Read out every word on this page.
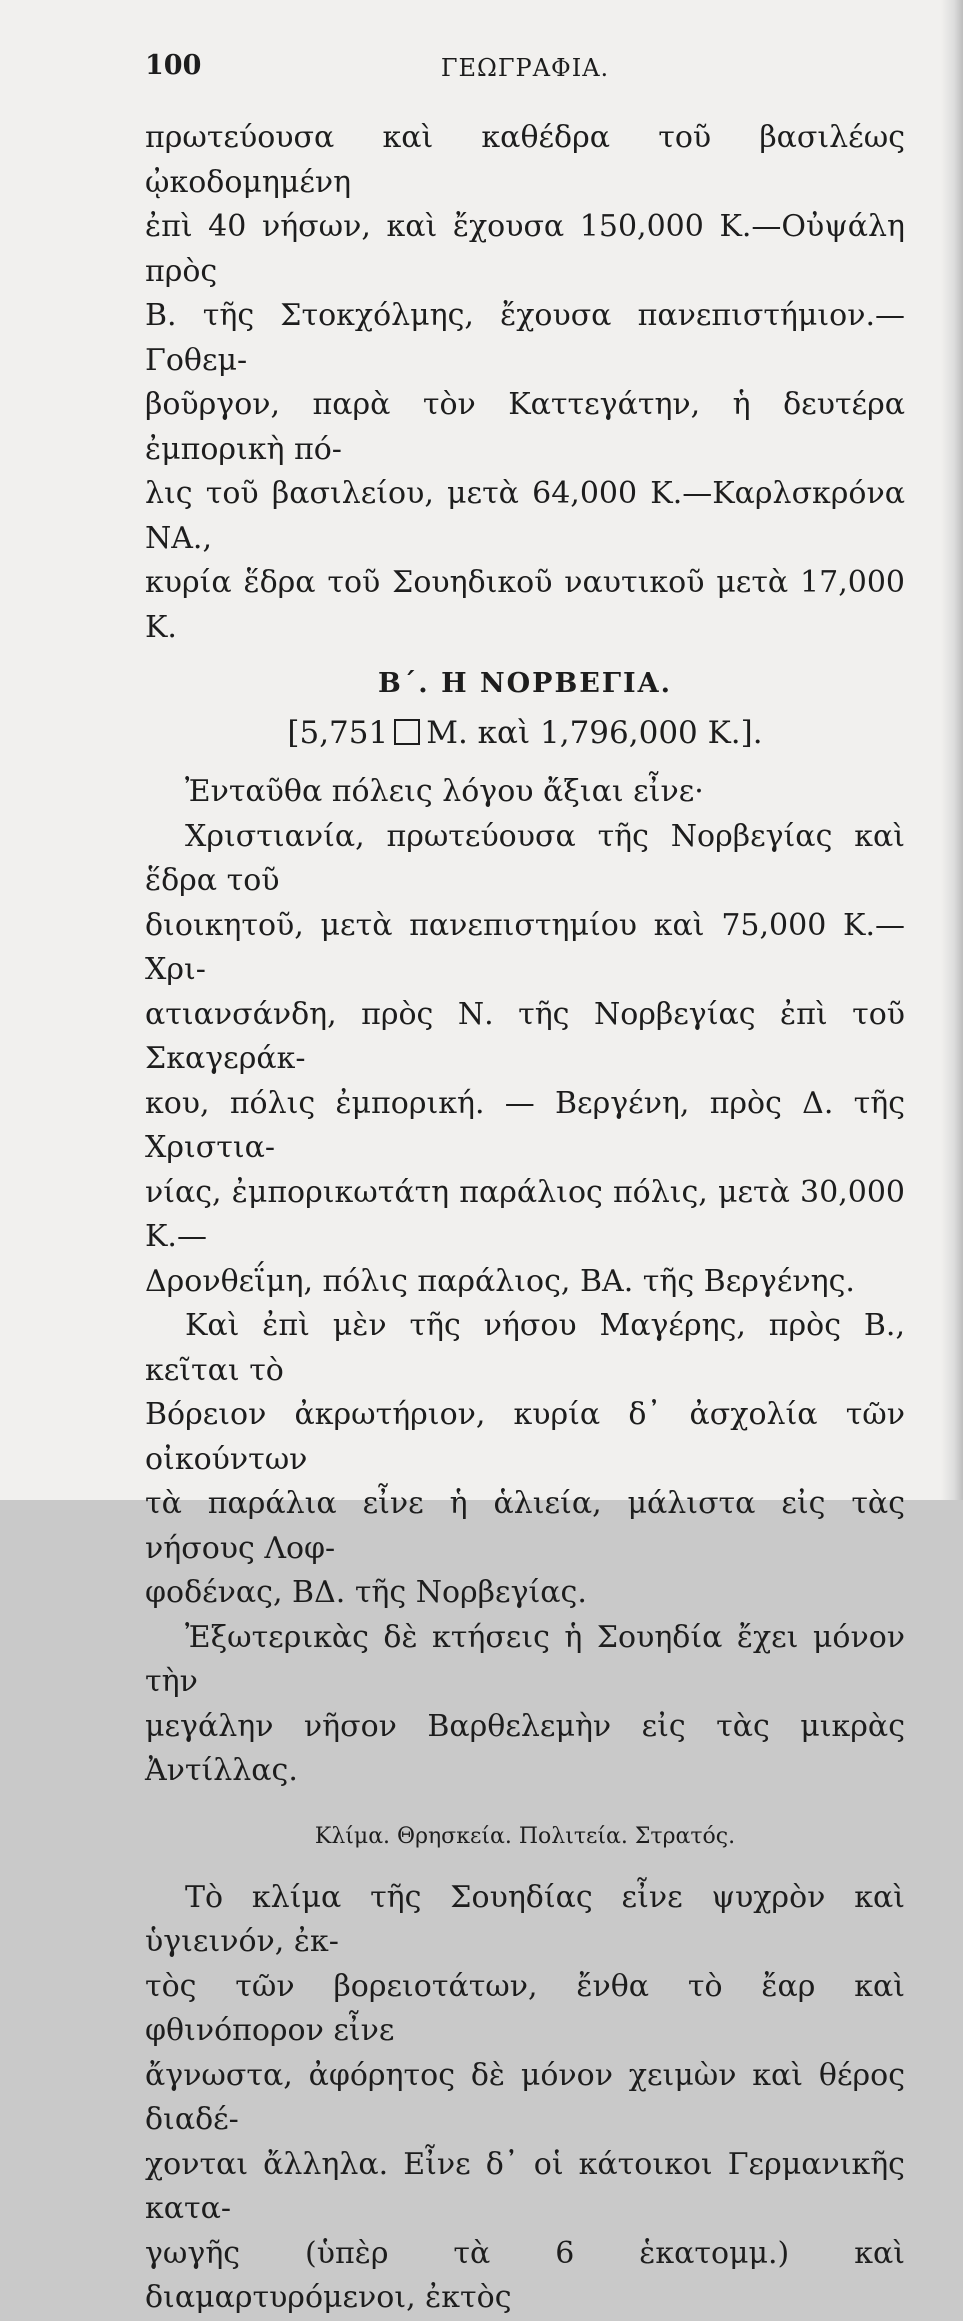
100	ΓΕΩΓΡΑΦΙΑ.
πρωτεύουσα καὶ καθέδρα τοῦ βασιλέως ᾠκοδομημένη
ἐπὶ 40 νήσων, καὶ ἔχουσα 150,000 Κ.—Οὐψάλη πρὸς
Β. τῆς Στοκχόλμης, ἔχουσα πανεπιστήμιον.— Γοθεμ-
βοῦργον, παρὰ τὸν Καττεγάτην, ἡ δευτέρα ἐμπορικὴ πό-
λις τοῦ βασιλείου, μετὰ 64,000 Κ.—Καρλσκρόνα ΝΑ.,
κυρία ἕδρα τοῦ Σουηδικοῦ ναυτικοῦ μετὰ 17,000 Κ.
Β΄. Η ΝΟΡΒΕΓΙΑ.
[5,751 Μ. καὶ 1,796,000 Κ.].
Ἐνταῦθα πόλεις λόγου ἄξιαι εἶνε·
Χριστιανία, πρωτεύουσα τῆς Νορβεγίας καὶ ἕδρα τοῦ
διοικητοῦ, μετὰ πανεπιστημίου καὶ 75,000 Κ.—Χρι-
ατιανσάνδη, πρὸς Ν. τῆς Νορβεγίας ἐπὶ τοῦ Σκαγεράκ-
κου, πόλις ἐμπορική. — Βεργένη, πρὸς Δ. τῆς Χριστια-
νίας, ἐμπορικωτάτη παράλιος πόλις, μετὰ 30,000 Κ.—
Δρονθεΐμη, πόλις παράλιος, ΒΑ. τῆς Βεργένης.
Καὶ ἐπὶ μὲν τῆς νήσου Μαγέρης, πρὸς Β., κεῖται τὸ
Βόρειον ἀκρωτήριον, κυρία δ᾿ ἀσχολία τῶν οἰκούντων
τὰ παράλια εἶνε ἡ ἁλιεία, μάλιστα εἰς τὰς νήσους Λοφ-
φοδένας, ΒΔ. τῆς Νορβεγίας.
Ἐξωτερικὰς δὲ κτήσεις ἡ Σουηδία ἔχει μόνον τὴν
μεγάλην νῆσον Βαρθελεμὴν εἰς τὰς μικρὰς Ἀντίλλας.
Κλίμα. Θρησκεία. Πολιτεία. Στρατός.
Τὸ κλίμα τῆς Σουηδίας εἶνε ψυχρὸν καὶ ὑγιεινόν, ἐκ-
τὸς τῶν βορειοτάτων, ἔνθα τὸ ἔαρ καὶ φθινόπορον εἶνε
ἄγνωστα, ἀφόρητος δὲ μόνον χειμὼν καὶ θέρος διαδέ-
χονται ἄλληλα. Εἶνε δ᾿ οἱ κάτοικοι Γερμανικῆς κατα-
γωγῆς (ὑπὲρ τὰ 6 ἑκατομμ.) καὶ διαμαρτυρόμενοι, ἐκτὸς
